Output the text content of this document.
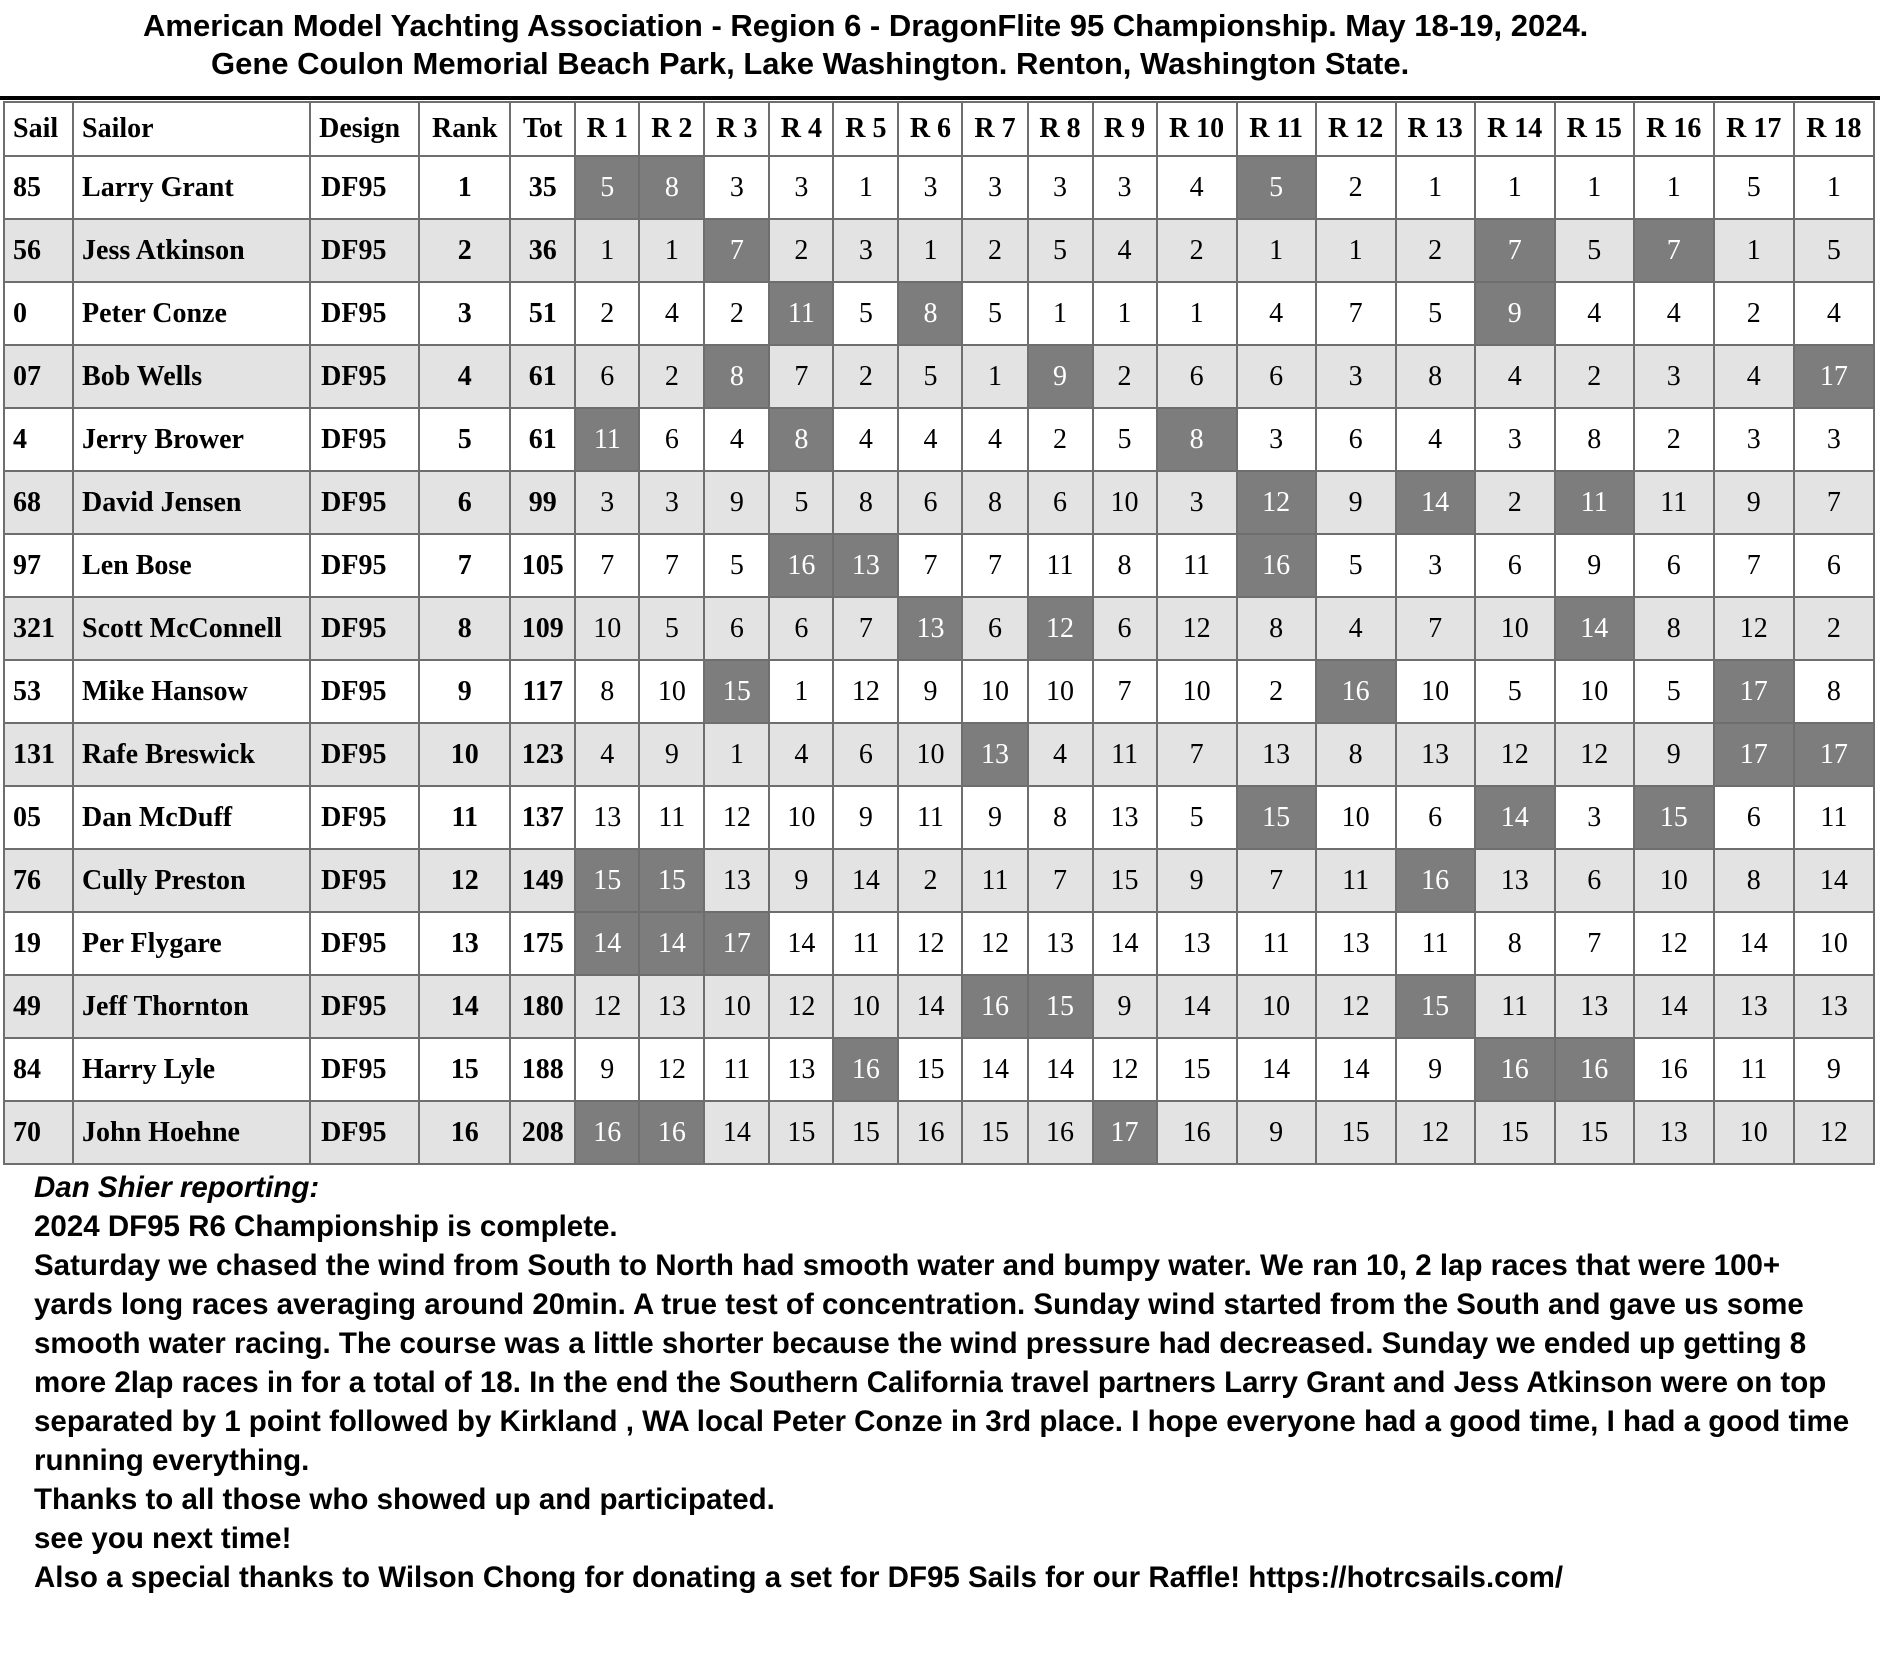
American Model Yachting Association - Region 6 - DragonFlite 95 Championship. May 18-19, 2024.
Gene Coulon Memorial Beach Park, Lake Washington. Renton, Washington State.
Sail	Sailor	Design	Rank	Tot	R 1	R 2	R 3	R 4	R 5	R 6	R 7	R 8	R 9	R 10	R 11	R 12	R 13	R 14	R 15	R 16	R 17	R 18
85	Larry Grant	DF95	1	35	5	8	3	3	1	3	3	3	3	4	5	2	1	1	1	1	5	1
56	Jess Atkinson	DF95	2	36	1	1	7	2	3	1	2	5	4	2	1	1	2	7	5	7	1	5
0	Peter Conze	DF95	3	51	2	4	2	11	5	8	5	1	1	1	4	7	5	9	4	4	2	4
07	Bob Wells	DF95	4	61	6	2	8	7	2	5	1	9	2	6	6	3	8	4	2	3	4	17
4	Jerry Brower	DF95	5	61	11	6	4	8	4	4	4	2	5	8	3	6	4	3	8	2	3	3
68	David Jensen	DF95	6	99	3	3	9	5	8	6	8	6	10	3	12	9	14	2	11	11	9	7
97	Len Bose	DF95	7	105	7	7	5	16	13	7	7	11	8	11	16	5	3	6	9	6	7	6
321	Scott McConnell	DF95	8	109	10	5	6	6	7	13	6	12	6	12	8	4	7	10	14	8	12	2
53	Mike Hansow	DF95	9	117	8	10	15	1	12	9	10	10	7	10	2	16	10	5	10	5	17	8
131	Rafe Breswick	DF95	10	123	4	9	1	4	6	10	13	4	11	7	13	8	13	12	12	9	17	17
05	Dan McDuff	DF95	11	137	13	11	12	10	9	11	9	8	13	5	15	10	6	14	3	15	6	11
76	Cully Preston	DF95	12	149	15	15	13	9	14	2	11	7	15	9	7	11	16	13	6	10	8	14
19	Per Flygare	DF95	13	175	14	14	17	14	11	12	12	13	14	13	11	13	11	8	7	12	14	10
49	Jeff Thornton	DF95	14	180	12	13	10	12	10	14	16	15	9	14	10	12	15	11	13	14	13	13
84	Harry Lyle	DF95	15	188	9	12	11	13	16	15	14	14	12	15	14	14	9	16	16	16	11	9
70	John Hoehne	DF95	16	208	16	16	14	15	15	16	15	16	17	16	9	15	12	15	15	13	10	12
Dan Shier reporting:
2024 DF95 R6 Championship is complete.
Saturday we chased the wind from South to North had smooth water and bumpy water. We ran 10, 2 lap races that were 100+ yards long races averaging around 20min. A true test of concentration. Sunday wind started from the South and gave us some smooth water racing. The course was a little shorter because the wind pressure had decreased. Sunday we ended up getting 8 more 2lap races in for a total of 18. In the end the Southern California travel partners Larry Grant and Jess Atkinson were on top separated by 1 point followed by Kirkland , WA local Peter Conze in 3rd place. I hope everyone had a good time, I had a good time running everything.
Thanks to all those who showed up and participated.
see you next time!
Also a special thanks to Wilson Chong for donating a set for DF95 Sails for our Raffle! https://hotrcsails.com/
